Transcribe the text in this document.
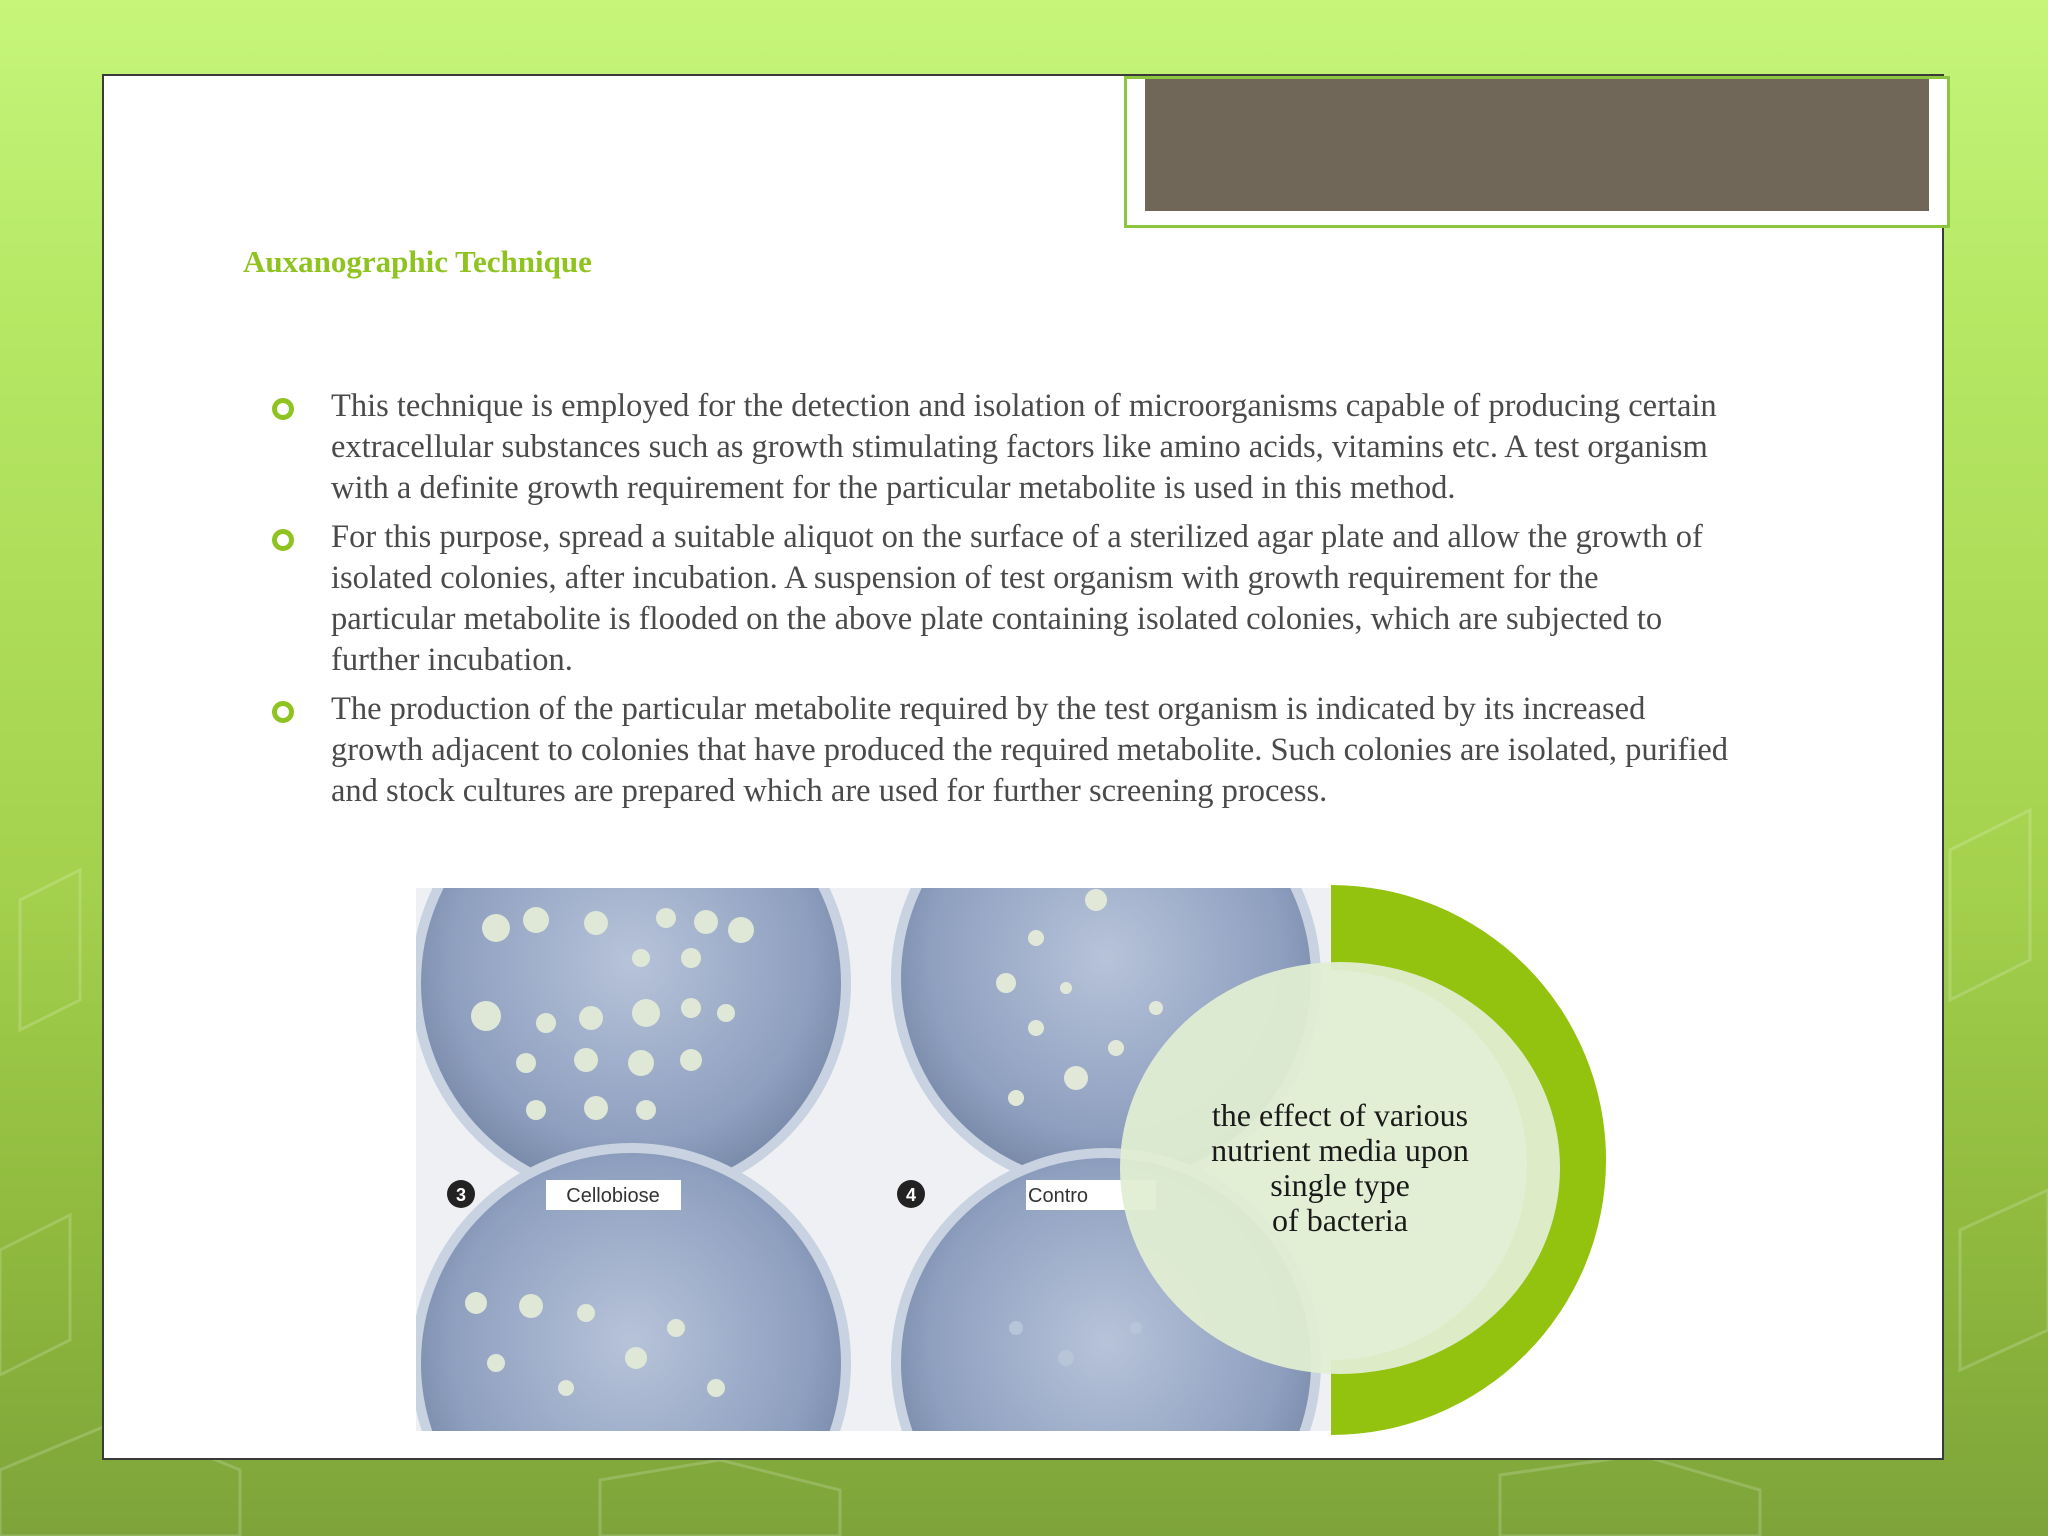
Auxanographic Technique
This technique is employed for the detection and isolation of microorganisms capable of producing certain extracellular substances such as growth stimulating factors like amino acids, vitamins etc. A test organism with a definite growth requirement for the particular metabolite is used in this method.
For this purpose, spread a suitable aliquot on the surface of a sterilized agar plate and allow the growth of isolated colonies, after incubation. A suspension of test organism with growth requirement for the particular metabolite is flooded on the above plate containing isolated colonies, which are subjected to further incubation.
The production of the particular metabolite required by the test organism is indicated by its increased growth adjacent to colonies that have produced the required metabolite. Such colonies are isolated, purified and stock cultures are prepared which are used for further screening process.
3	Cellobiose	4	Contro
the effect of various
nutrient media upon
single type
of bacteria
